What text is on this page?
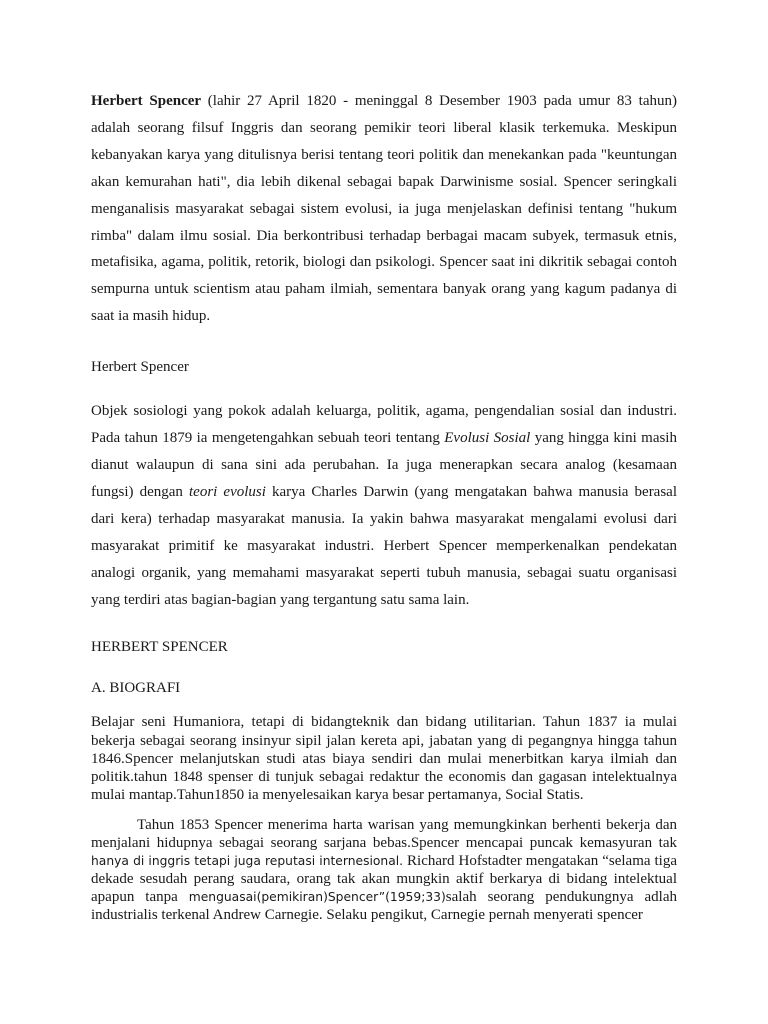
Herbert Spencer (lahir 27 April 1820 - meninggal 8 Desember 1903 pada umur 83 tahun) adalah seorang filsuf Inggris dan seorang pemikir teori liberal klasik terkemuka. Meskipun kebanyakan karya yang ditulisnya berisi tentang teori politik dan menekankan pada "keuntungan akan kemurahan hati", dia lebih dikenal sebagai bapak Darwinisme sosial. Spencer seringkali menganalisis masyarakat sebagai sistem evolusi, ia juga menjelaskan definisi tentang "hukum rimba" dalam ilmu sosial. Dia berkontribusi terhadap berbagai macam subyek, termasuk etnis, metafisika, agama, politik, retorik, biologi dan psikologi. Spencer saat ini dikritik sebagai contoh sempurna untuk scientism atau paham ilmiah, sementara banyak orang yang kagum padanya di saat ia masih hidup.

Herbert Spencer

Objek sosiologi yang pokok adalah keluarga, politik, agama, pengendalian sosial dan industri. Pada tahun 1879 ia mengetengahkan sebuah teori tentang Evolusi Sosial yang hingga kini masih dianut walaupun di sana sini ada perubahan. Ia juga menerapkan secara analog (kesamaan fungsi) dengan teori evolusi karya Charles Darwin (yang mengatakan bahwa manusia berasal dari kera) terhadap masyarakat manusia. Ia yakin bahwa masyarakat mengalami evolusi dari masyarakat primitif ke masyarakat industri. Herbert Spencer memperkenalkan pendekatan analogi organik, yang memahami masyarakat seperti tubuh manusia, sebagai suatu organisasi yang terdiri atas bagian-bagian yang tergantung satu sama lain.

HERBERT SPENCER

A. BIOGRAFI

Belajar seni Humaniora, tetapi di bidangteknik dan bidang utilitarian. Tahun 1837 ia mulai bekerja sebagai seorang insinyur sipil jalan kereta api, jabatan yang di pegangnya hingga tahun 1846.Spencer melanjutskan studi atas biaya sendiri dan mulai menerbitkan karya ilmiah dan politik.tahun 1848 spenser di tunjuk sebagai redaktur the economis dan gagasan intelektualnya mulai mantap.Tahun1850 ia menyelesaikan karya besar pertamanya, Social Statis.

Tahun 1853 Spencer menerima harta warisan yang memungkinkan berhenti bekerja dan menjalani hidupnya sebagai seorang sarjana bebas.Spencer mencapai puncak kemasyuran tak hanya di inggris tetapi juga reputasi internesional. Richard Hofstadter mengatakan “selama tiga dekade sesudah perang saudara, orang tak akan mungkin aktif berkarya di bidang intelektual apapun tanpa menguasai(pemikiran)Spencer”(1959;33)salah seorang pendukungnya adlah industrialis terkenal Andrew Carnegie. Selaku pengikut, Carnegie pernah menyerati spencer
